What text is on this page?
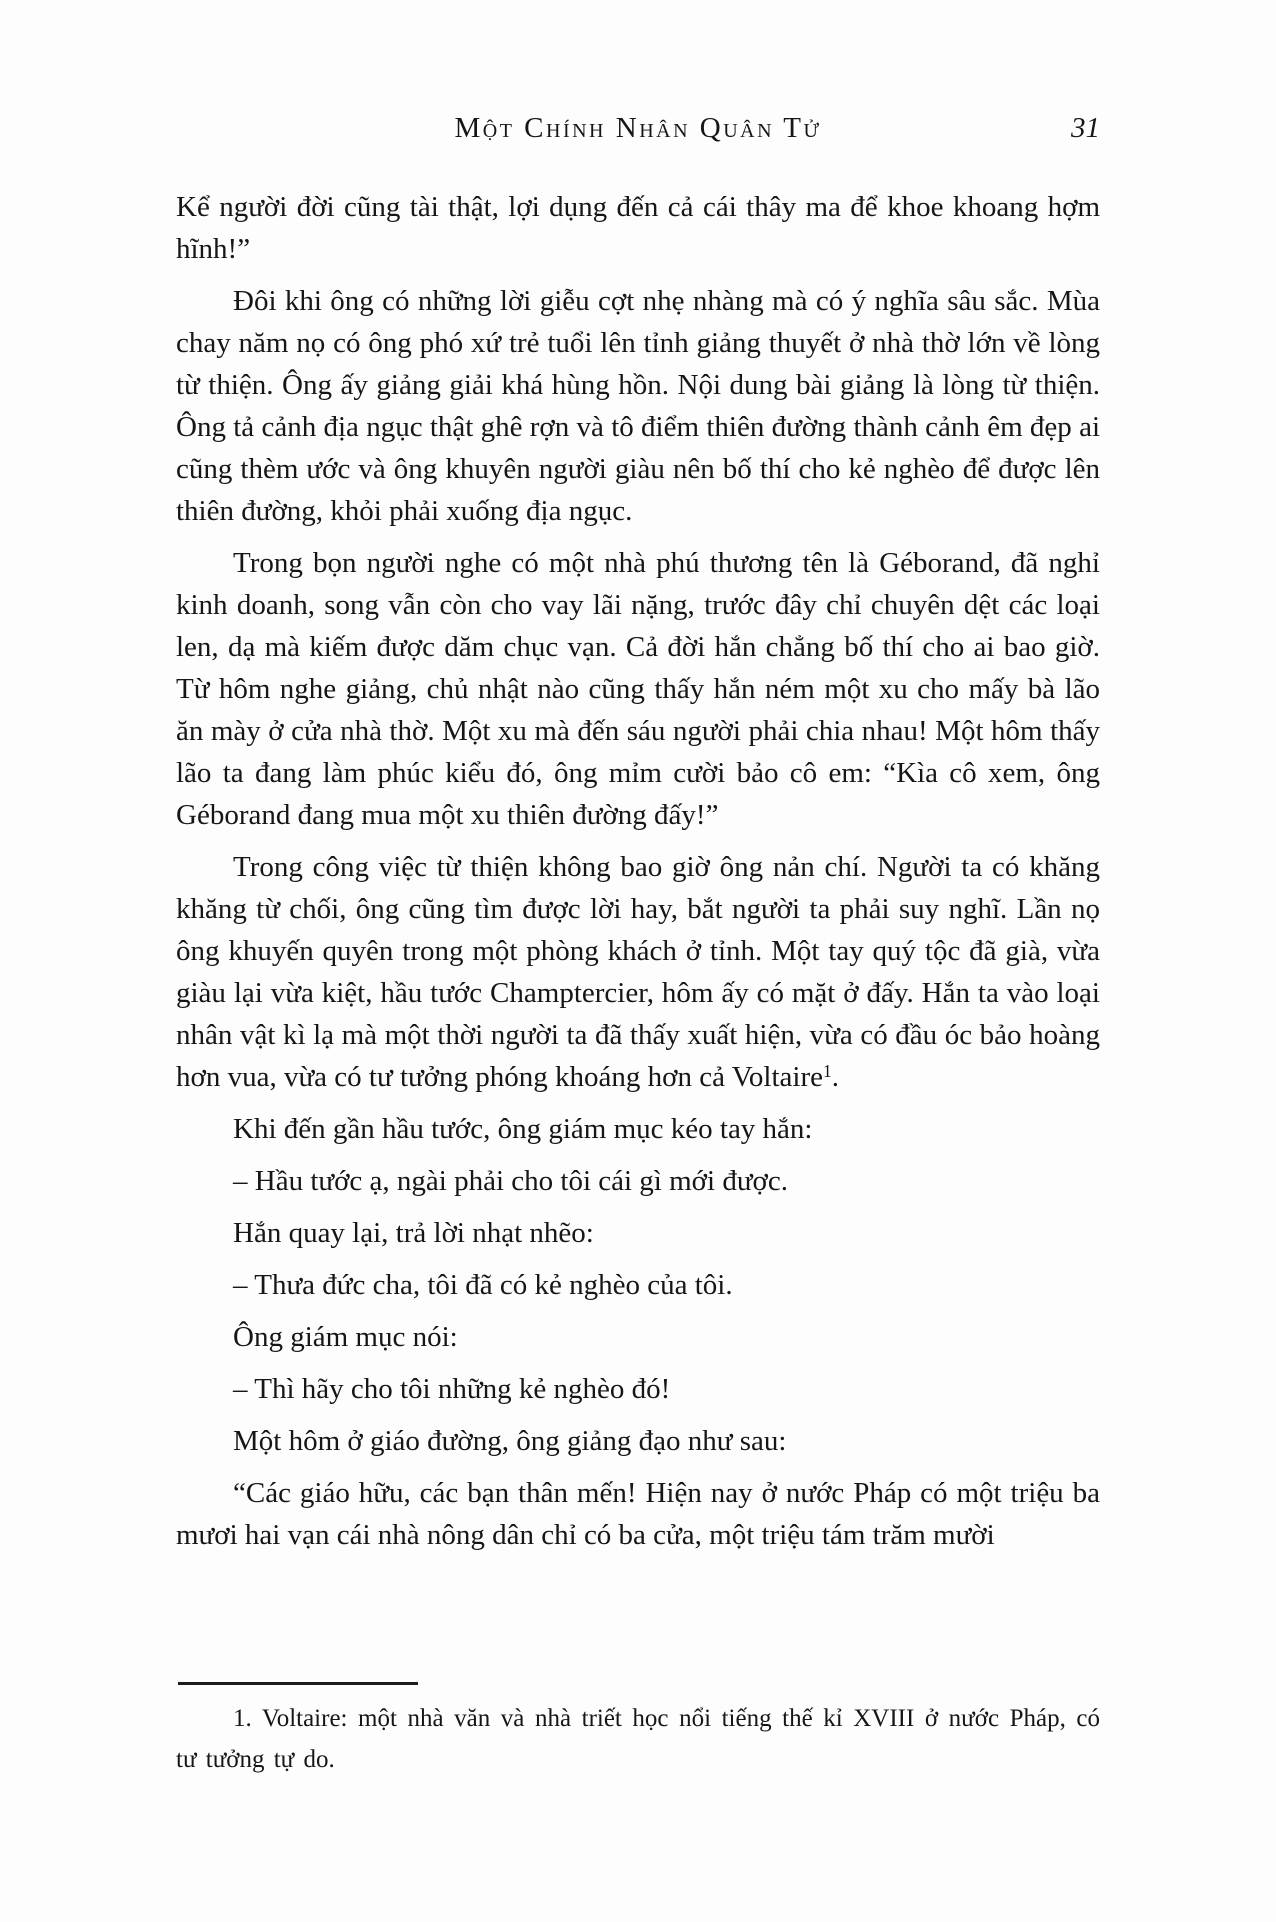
Một Chính Nhân Quân Tử	31

Kể người đời cũng tài thật, lợi dụng đến cả cái thây ma để khoe khoang hợm hĩnh!”

Đôi khi ông có những lời giễu cợt nhẹ nhàng mà có ý nghĩa sâu sắc. Mùa chay năm nọ có ông phó xứ trẻ tuổi lên tỉnh giảng thuyết ở nhà thờ lớn về lòng từ thiện. Ông ấy giảng giải khá hùng hồn. Nội dung bài giảng là lòng từ thiện. Ông tả cảnh địa ngục thật ghê rợn và tô điểm thiên đường thành cảnh êm đẹp ai cũng thèm ước và ông khuyên người giàu nên bố thí cho kẻ nghèo để được lên thiên đường, khỏi phải xuống địa ngục.

Trong bọn người nghe có một nhà phú thương tên là Géborand, đã nghỉ kinh doanh, song vẫn còn cho vay lãi nặng, trước đây chỉ chuyên dệt các loại len, dạ mà kiếm được dăm chục vạn. Cả đời hắn chẳng bố thí cho ai bao giờ. Từ hôm nghe giảng, chủ nhật nào cũng thấy hắn ném một xu cho mấy bà lão ăn mày ở cửa nhà thờ. Một xu mà đến sáu người phải chia nhau! Một hôm thấy lão ta đang làm phúc kiểu đó, ông mỉm cười bảo cô em: “Kìa cô xem, ông Géborand đang mua một xu thiên đường đấy!”

Trong công việc từ thiện không bao giờ ông nản chí. Người ta có khăng khăng từ chối, ông cũng tìm được lời hay, bắt người ta phải suy nghĩ. Lần nọ ông khuyến quyên trong một phòng khách ở tỉnh. Một tay quý tộc đã già, vừa giàu lại vừa kiệt, hầu tước Champtercier, hôm ấy có mặt ở đấy. Hắn ta vào loại nhân vật kì lạ mà một thời người ta đã thấy xuất hiện, vừa có đầu óc bảo hoàng hơn vua, vừa có tư tưởng phóng khoáng hơn cả Voltaire$^1$.

Khi đến gần hầu tước, ông giám mục kéo tay hắn:

– Hầu tước ạ, ngài phải cho tôi cái gì mới được.

Hắn quay lại, trả lời nhạt nhẽo:

– Thưa đức cha, tôi đã có kẻ nghèo của tôi.

Ông giám mục nói:

– Thì hãy cho tôi những kẻ nghèo đó!

Một hôm ở giáo đường, ông giảng đạo như sau:

“Các giáo hữu, các bạn thân mến! Hiện nay ở nước Pháp có một triệu ba mươi hai vạn cái nhà nông dân chỉ có ba cửa, một triệu tám trăm mười

1. Voltaire: một nhà văn và nhà triết học nổi tiếng thế kỉ XVIII ở nước Pháp, có tư tưởng tự do.
